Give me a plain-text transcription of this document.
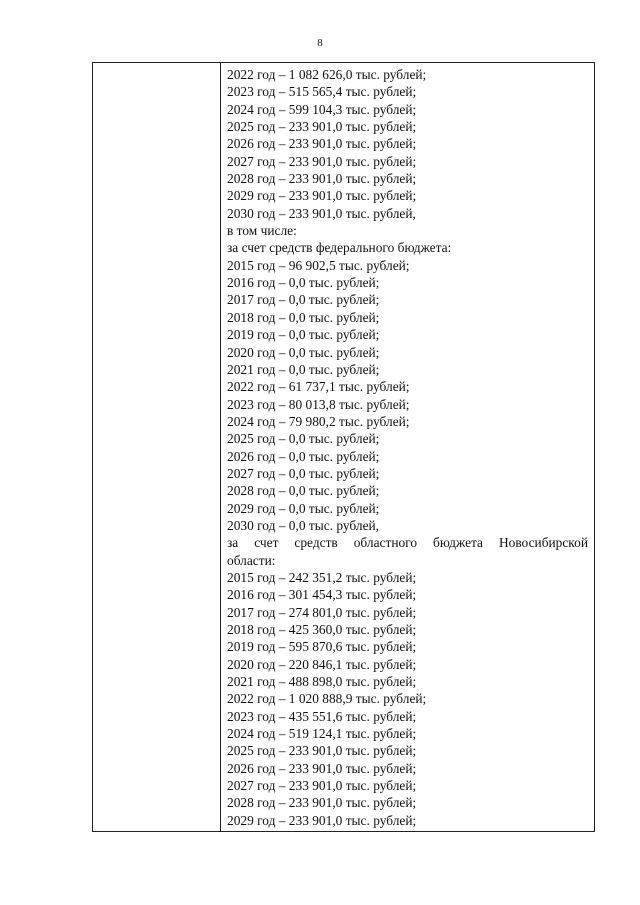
8
2022 год – 1 082 626,0 тыс. рублей;
2023 год – 515 565,4 тыс. рублей;
2024 год – 599 104,3 тыс. рублей;
2025 год – 233 901,0 тыс. рублей;
2026 год – 233 901,0 тыс. рублей;
2027 год – 233 901,0 тыс. рублей;
2028 год – 233 901,0 тыс. рублей;
2029 год – 233 901,0 тыс. рублей;
2030 год – 233 901,0 тыс. рублей,
в том числе:
за счет средств федерального бюджета:
2015 год – 96 902,5 тыс. рублей;
2016 год – 0,0 тыс. рублей;
2017 год – 0,0 тыс. рублей;
2018 год – 0,0 тыс. рублей;
2019 год – 0,0 тыс. рублей;
2020 год – 0,0 тыс. рублей;
2021 год – 0,0 тыс. рублей;
2022 год – 61 737,1 тыс. рублей;
2023 год – 80 013,8 тыс. рублей;
2024 год – 79 980,2 тыс. рублей;
2025 год – 0,0 тыс. рублей;
2026 год – 0,0 тыс. рублей;
2027 год – 0,0 тыс. рублей;
2028 год – 0,0 тыс. рублей;
2029 год – 0,0 тыс. рублей;
2030 год – 0,0 тыс. рублей,
за счет средств областного бюджета Новосибирской
области:
2015 год – 242 351,2 тыс. рублей;
2016 год – 301 454,3 тыс. рублей;
2017 год – 274 801,0 тыс. рублей;
2018 год – 425 360,0 тыс. рублей;
2019 год – 595 870,6 тыс. рублей;
2020 год – 220 846,1 тыс. рублей;
2021 год – 488 898,0 тыс. рублей;
2022 год – 1 020 888,9 тыс. рублей;
2023 год – 435 551,6 тыс. рублей;
2024 год – 519 124,1 тыс. рублей;
2025 год – 233 901,0 тыс. рублей;
2026 год – 233 901,0 тыс. рублей;
2027 год – 233 901,0 тыс. рублей;
2028 год – 233 901,0 тыс. рублей;
2029 год – 233 901,0 тыс. рублей;
